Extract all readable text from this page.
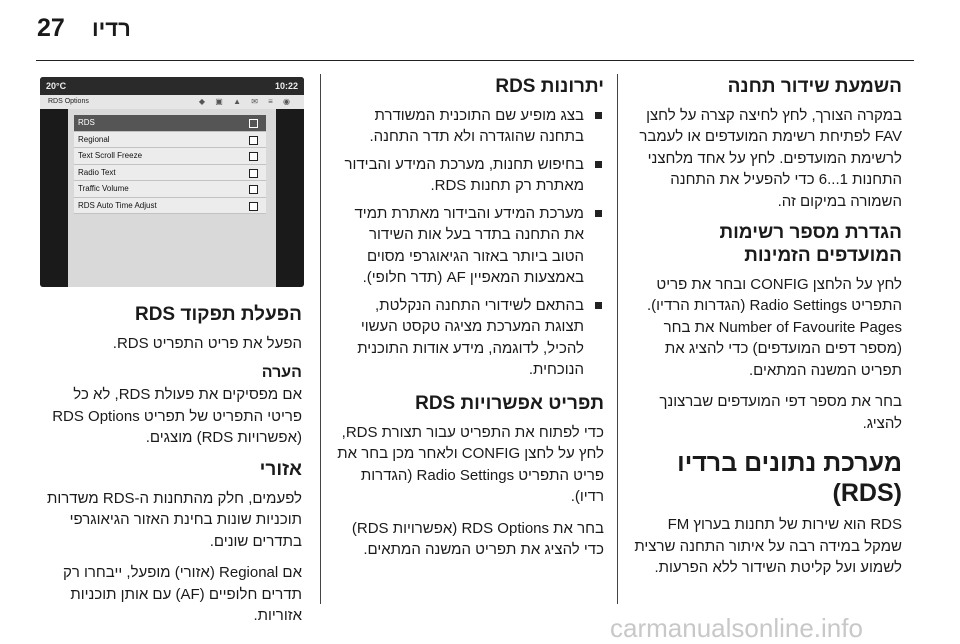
27 רדיו
20°C	10:22
RDS Options	◆ ▣ ▲ ✉ ≡ ◉
RDS
Regional
Text Scroll Freeze
Radio Text
Traffic Volume
RDS Auto Time Adjust
הפעלת תפקוד RDS

הפעל את פריט התפריט RDS.

הערה

אם מפסיקים את פעולת RDS, לא כל פריטי התפריט של תפריט RDS Options (אפשרויות RDS) מוצגים.

אזורי

לפעמים, חלק מהתחנות ה-RDS משדרות תוכניות שונות בחינת האזור הגיאוגרפי בתדרים שונים.

אם Regional (אזורי) מופעל, ייבחרו רק תדרים חלופיים (AF) עם אותן תוכניות אזוריות.

יתרונות RDS
בצג מופיע שם התוכנית המשודרת בתחנה שהוגדרה ולא תדר התחנה.
בחיפוש תחנות, מערכת המידע והבידור מאתרת רק תחנות RDS.
מערכת המידע והבידור מאתרת תמיד את התחנה בתדר בעל אות השידור הטוב ביותר באזור הגיאוגרפי מסוים באמצעות המאפיין AF (תדר חלופי).
בהתאם לשידורי התחנה הנקלטת, תצוגת המערכת מציגה טקסט העשוי להכיל, לדוגמה, מידע אודות התוכנית הנוכחית.
תפריט אפשרויות RDS

כדי לפתוח את התפריט עבור תצורת RDS, לחץ על לחצן CONFIG ולאחר מכן בחר את פריט התפריט Radio Settings (הגדרות רדיו).

בחר את RDS Options (אפשרויות RDS) כדי להציג את תפריט המשנה המתאים.

השמעת שידור תחנה

במקרה הצורך, לחץ לחיצה קצרה על לחצן FAV לפתיחת רשימת המועדפים או לעמבר לרשימת המועדפים. לחץ על אחד מלחצני התחנות 1...6 כדי להפעיל את התחנה השמורה במיקום זה.

הגדרת מספר רשימות המועדפים הזמינות

לחץ על הלחצן CONFIG ובחר את פריט התפריט Radio Settings (הגדרות הרדיו). Number of Favourite Pages את בחר (מספר דפים המועדפים) כדי להציג את תפריט המשנה המתאים.

בחר את מספר דפי המועדפים שברצונך להציג.

מערכת נתונים ברדיו (RDS)

RDS הוא שירות של תחנות בערוץ FM שמקל במידה רבה על איתור התחנה שרצית לשמוע ועל קליטת השידור ללא הפרעות.

carmanualsonline.info
